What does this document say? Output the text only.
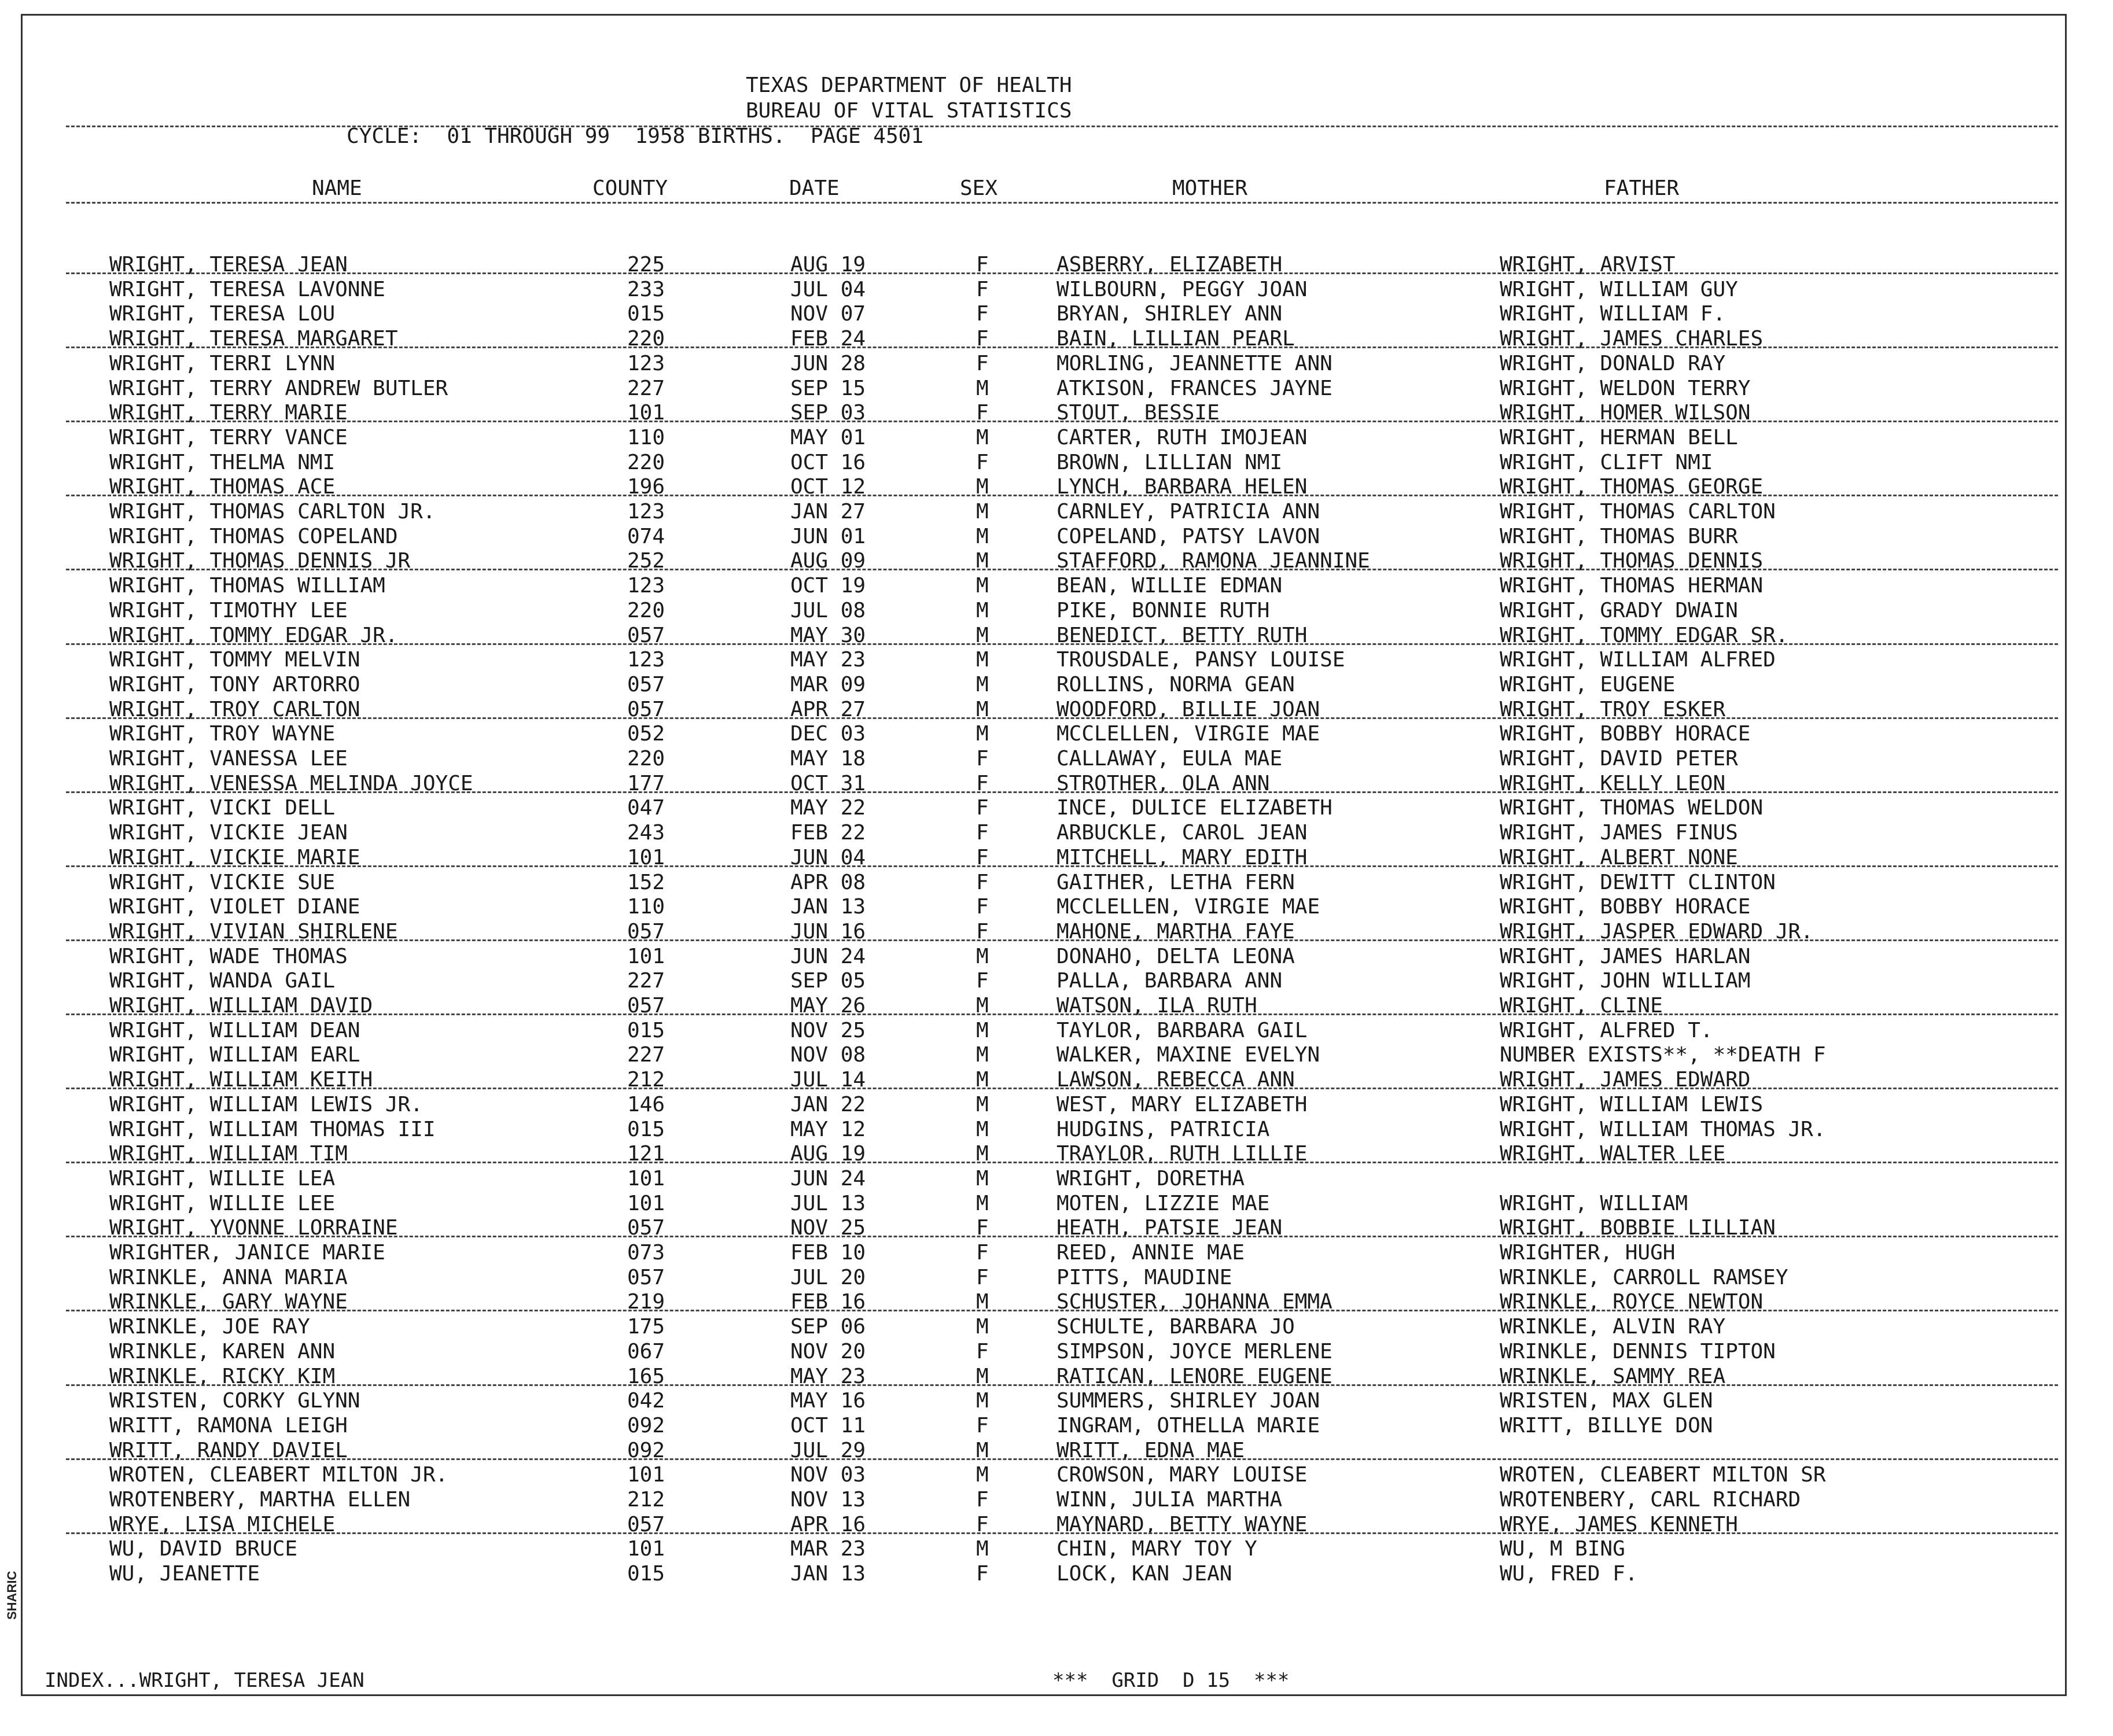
TEXAS DEPARTMENT OF HEALTH
BUREAU OF VITAL STATISTICS
CYCLE:  01 THROUGH 99  1958 BIRTHS.  PAGE 4501
NAME	COUNTY	DATE	SEX	MOTHER	FATHER
WRIGHT, TERESA JEAN	225	AUG 19	F	ASBERRY, ELIZABETH	WRIGHT, ARVIST
WRIGHT, TERESA LAVONNE	233	JUL 04	F	WILBOURN, PEGGY JOAN	WRIGHT, WILLIAM GUY
WRIGHT, TERESA LOU	015	NOV 07	F	BRYAN, SHIRLEY ANN	WRIGHT, WILLIAM F.
WRIGHT, TERESA MARGARET	220	FEB 24	F	BAIN, LILLIAN PEARL	WRIGHT, JAMES CHARLES
WRIGHT, TERRI LYNN	123	JUN 28	F	MORLING, JEANNETTE ANN	WRIGHT, DONALD RAY
WRIGHT, TERRY ANDREW BUTLER	227	SEP 15	M	ATKISON, FRANCES JAYNE	WRIGHT, WELDON TERRY
WRIGHT, TERRY MARIE	101	SEP 03	F	STOUT, BESSIE	WRIGHT, HOMER WILSON
WRIGHT, TERRY VANCE	110	MAY 01	M	CARTER, RUTH IMOJEAN	WRIGHT, HERMAN BELL
WRIGHT, THELMA NMI	220	OCT 16	F	BROWN, LILLIAN NMI	WRIGHT, CLIFT NMI
WRIGHT, THOMAS ACE	196	OCT 12	M	LYNCH, BARBARA HELEN	WRIGHT, THOMAS GEORGE
WRIGHT, THOMAS CARLTON JR.	123	JAN 27	M	CARNLEY, PATRICIA ANN	WRIGHT, THOMAS CARLTON
WRIGHT, THOMAS COPELAND	074	JUN 01	M	COPELAND, PATSY LAVON	WRIGHT, THOMAS BURR
WRIGHT, THOMAS DENNIS JR	252	AUG 09	M	STAFFORD, RAMONA JEANNINE	WRIGHT, THOMAS DENNIS
WRIGHT, THOMAS WILLIAM	123	OCT 19	M	BEAN, WILLIE EDMAN	WRIGHT, THOMAS HERMAN
WRIGHT, TIMOTHY LEE	220	JUL 08	M	PIKE, BONNIE RUTH	WRIGHT, GRADY DWAIN
WRIGHT, TOMMY EDGAR JR.	057	MAY 30	M	BENEDICT, BETTY RUTH	WRIGHT, TOMMY EDGAR SR.
WRIGHT, TOMMY MELVIN	123	MAY 23	M	TROUSDALE, PANSY LOUISE	WRIGHT, WILLIAM ALFRED
WRIGHT, TONY ARTORRO	057	MAR 09	M	ROLLINS, NORMA GEAN	WRIGHT, EUGENE
WRIGHT, TROY CARLTON	057	APR 27	M	WOODFORD, BILLIE JOAN	WRIGHT, TROY ESKER
WRIGHT, TROY WAYNE	052	DEC 03	M	MCCLELLEN, VIRGIE MAE	WRIGHT, BOBBY HORACE
WRIGHT, VANESSA LEE	220	MAY 18	F	CALLAWAY, EULA MAE	WRIGHT, DAVID PETER
WRIGHT, VENESSA MELINDA JOYCE	177	OCT 31	F	STROTHER, OLA ANN	WRIGHT, KELLY LEON
WRIGHT, VICKI DELL	047	MAY 22	F	INCE, DULICE ELIZABETH	WRIGHT, THOMAS WELDON
WRIGHT, VICKIE JEAN	243	FEB 22	F	ARBUCKLE, CAROL JEAN	WRIGHT, JAMES FINUS
WRIGHT, VICKIE MARIE	101	JUN 04	F	MITCHELL, MARY EDITH	WRIGHT, ALBERT NONE
WRIGHT, VICKIE SUE	152	APR 08	F	GAITHER, LETHA FERN	WRIGHT, DEWITT CLINTON
WRIGHT, VIOLET DIANE	110	JAN 13	F	MCCLELLEN, VIRGIE MAE	WRIGHT, BOBBY HORACE
WRIGHT, VIVIAN SHIRLENE	057	JUN 16	F	MAHONE, MARTHA FAYE	WRIGHT, JASPER EDWARD JR.
WRIGHT, WADE THOMAS	101	JUN 24	M	DONAHO, DELTA LEONA	WRIGHT, JAMES HARLAN
WRIGHT, WANDA GAIL	227	SEP 05	F	PALLA, BARBARA ANN	WRIGHT, JOHN WILLIAM
WRIGHT, WILLIAM DAVID	057	MAY 26	M	WATSON, ILA RUTH	WRIGHT, CLINE
WRIGHT, WILLIAM DEAN	015	NOV 25	M	TAYLOR, BARBARA GAIL	WRIGHT, ALFRED T.
WRIGHT, WILLIAM EARL	227	NOV 08	M	WALKER, MAXINE EVELYN	NUMBER EXISTS**, **DEATH F
WRIGHT, WILLIAM KEITH	212	JUL 14	M	LAWSON, REBECCA ANN	WRIGHT, JAMES EDWARD
WRIGHT, WILLIAM LEWIS JR.	146	JAN 22	M	WEST, MARY ELIZABETH	WRIGHT, WILLIAM LEWIS
WRIGHT, WILLIAM THOMAS III	015	MAY 12	M	HUDGINS, PATRICIA	WRIGHT, WILLIAM THOMAS JR.
WRIGHT, WILLIAM TIM	121	AUG 19	M	TRAYLOR, RUTH LILLIE	WRIGHT, WALTER LEE
WRIGHT, WILLIE LEA	101	JUN 24	M	WRIGHT, DORETHA
WRIGHT, WILLIE LEE	101	JUL 13	M	MOTEN, LIZZIE MAE	WRIGHT, WILLIAM
WRIGHT, YVONNE LORRAINE	057	NOV 25	F	HEATH, PATSIE JEAN	WRIGHT, BOBBIE LILLIAN
WRIGHTER, JANICE MARIE	073	FEB 10	F	REED, ANNIE MAE	WRIGHTER, HUGH
WRINKLE, ANNA MARIA	057	JUL 20	F	PITTS, MAUDINE	WRINKLE, CARROLL RAMSEY
WRINKLE, GARY WAYNE	219	FEB 16	M	SCHUSTER, JOHANNA EMMA	WRINKLE, ROYCE NEWTON
WRINKLE, JOE RAY	175	SEP 06	M	SCHULTE, BARBARA JO	WRINKLE, ALVIN RAY
WRINKLE, KAREN ANN	067	NOV 20	F	SIMPSON, JOYCE MERLENE	WRINKLE, DENNIS TIPTON
WRINKLE, RICKY KIM	165	MAY 23	M	RATICAN, LENORE EUGENE	WRINKLE, SAMMY REA
WRISTEN, CORKY GLYNN	042	MAY 16	M	SUMMERS, SHIRLEY JOAN	WRISTEN, MAX GLEN
WRITT, RAMONA LEIGH	092	OCT 11	F	INGRAM, OTHELLA MARIE	WRITT, BILLYE DON
WRITT, RANDY DAVIEL	092	JUL 29	M	WRITT, EDNA MAE
WROTEN, CLEABERT MILTON JR.	101	NOV 03	M	CROWSON, MARY LOUISE	WROTEN, CLEABERT MILTON SR
WROTENBERY, MARTHA ELLEN	212	NOV 13	F	WINN, JULIA MARTHA	WROTENBERY, CARL RICHARD
WRYE, LISA MICHELE	057	APR 16	F	MAYNARD, BETTY WAYNE	WRYE, JAMES KENNETH
WU, DAVID BRUCE	101	MAR 23	M	CHIN, MARY TOY Y	WU, M BING
WU, JEANETTE	015	JAN 13	F	LOCK, KAN JEAN	WU, FRED F.
INDEX...WRIGHT, TERESA JEAN	***  GRID  D 15  ***
SHARIC
